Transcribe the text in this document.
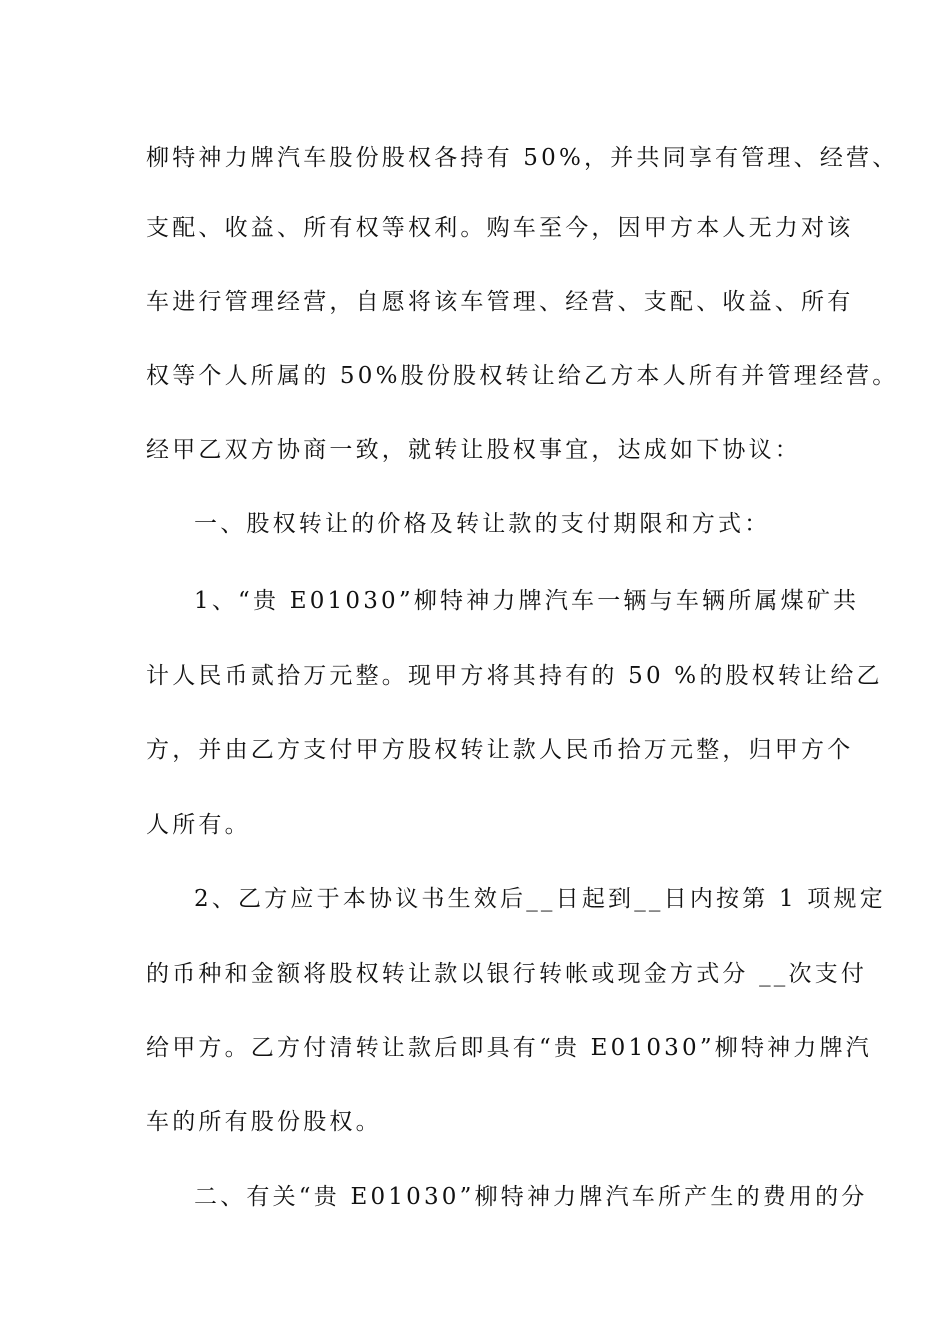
柳特神力牌汽车股份股权各持有 50%，并共同享有管理、经营、
支配、收益、所有权等权利。购车至今，因甲方本人无力对该
车进行管理经营，自愿将该车管理、经营、支配、收益、所有
权等个人所属的 50%股份股权转让给乙方本人所有并管理经营。
经甲乙双方协商一致，就转让股权事宜，达成如下协议：
一、股权转让的价格及转让款的支付期限和方式：
1、“贵 E01030”柳特神力牌汽车一辆与车辆所属煤矿共
计人民币贰拾万元整。现甲方将其持有的 50 %的股权转让给乙
方，并由乙方支付甲方股权转让款人民币拾万元整，归甲方个
人所有。
2、乙方应于本协议书生效后__日起到__日内按第 1 项规定
的币种和金额将股权转让款以银行转帐或现金方式分 __次支付
给甲方。乙方付清转让款后即具有“贵 E01030”柳特神力牌汽
车的所有股份股权。
二、有关“贵 E01030”柳特神力牌汽车所产生的费用的分
